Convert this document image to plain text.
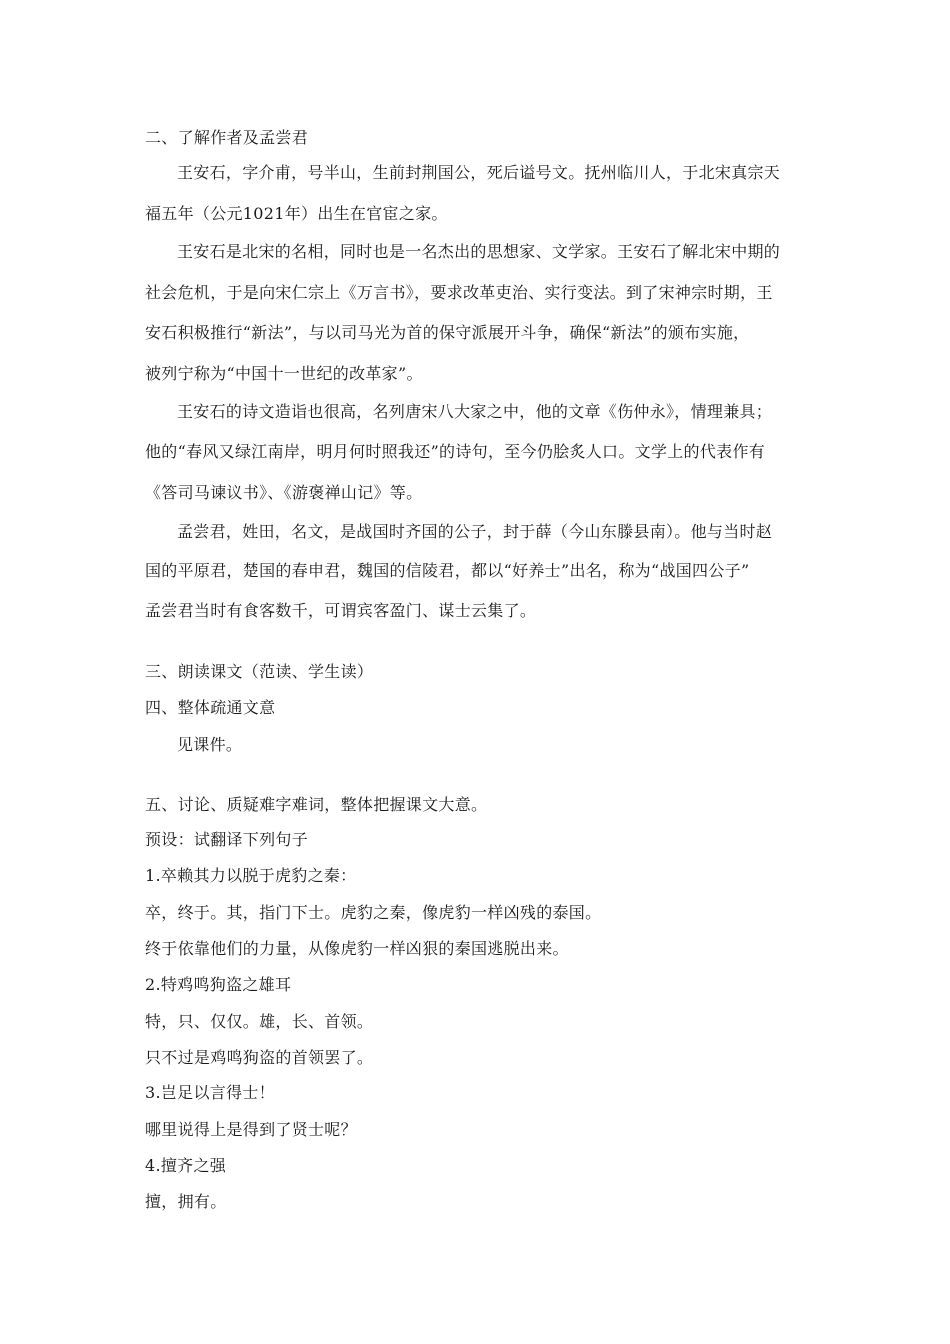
二、了解作者及孟尝君
王安石，字介甫，号半山，生前封荆国公，死后谥号文。抚州临川人，于北宋真宗天
福五年（公元1021年）出生在官宦之家。
王安石是北宋的名相，同时也是一名杰出的思想家、文学家。王安石了解北宋中期的
社会危机，于是向宋仁宗上《万言书》，要求改革吏治、实行变法。到了宋神宗时期，王
安石积极推行“新法”，与以司马光为首的保守派展开斗争，确保“新法”的颁布实施，
被列宁称为“中国十一世纪的改革家”。
王安石的诗文造诣也很高，名列唐宋八大家之中，他的文章《伤仲永》，情理兼具；
他的“春风又绿江南岸，明月何时照我还”的诗句，至今仍脍炙人口。文学上的代表作有
《答司马谏议书》、《游褒禅山记》等。
孟尝君，姓田，名文，是战国时齐国的公子，封于薛（今山东滕县南）。他与当时赵
国的平原君，楚国的春申君，魏国的信陵君，都以“好养士”出名，称为“战国四公子”
孟尝君当时有食客数千，可谓宾客盈门、谋士云集了。
三、朗读课文（范读、学生读）
四、整体疏通文意
见课件。
五、讨论、质疑难字难词，整体把握课文大意。
预设：试翻译下列句子
1.卒赖其力以脱于虎豹之秦：
卒，终于。其，指门下士。虎豹之秦，像虎豹一样凶残的泰国。
终于依靠他们的力量，从像虎豹一样凶狠的秦国逃脱出来。
2.特鸡鸣狗盗之雄耳
特，只、仅仅。雄，长、首领。
只不过是鸡鸣狗盗的首领罢了。
3.岂足以言得士！
哪里说得上是得到了贤士呢？
4.擅齐之强
擅，拥有。
